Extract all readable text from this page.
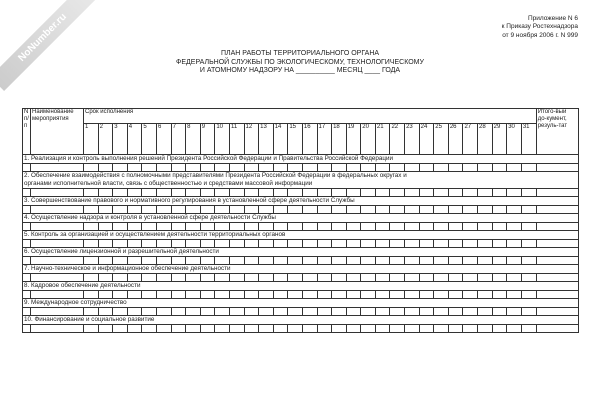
NoNumber.ru	Приложение N 6
к Приказу Ростехнадзора
от 9 ноября 2006 г. N 999
ПЛАН РАБОТЫ ТЕРРИТОРИАЛЬНОГО ОРГАНА
ФЕДЕРАЛЬНОЙ СЛУЖБЫ ПО ЭКОЛОГИЧЕСКОМУ, ТЕХНОЛОГИЧЕСКОМУ
И АТОМНОМУ НАДЗОРУ НА __________ МЕСЯЦ ____ ГОДА
N п/п	Наименование мероприятия	Срок исполнения																															Итого-вый до-кумент, резуль-тат
		1	2	3	4	5	6	7	8	9	10	11	12	13	14	15	16	17	18	19	20	21	22	23	24	25	26	27	28	29	30	31	
1. Реализация и контроль выполнения решений Президента Российской Федерации и Правительства Российской Федерации																																	

2. Обеспечение взаимодействия с полномочными представителями Президента Российской Федерации в федеральных округах и органами исполнительной власти, связь с общественностью и средствами массовой информации																																	

3. Совершенствование правового и нормативного регулирования в установленной сфере деятельности Службы																																	

4. Осуществление надзора и контроля в установленной сфере деятельности Службы																																	

5. Контроль за организацией и осуществлением деятельности территориальных органов																																	

6. Осуществление лицензионной и разрешительной деятельности																																	

7. Научно-техническое и информационное обеспечение деятельности																																	

8. Кадровое обеспечение деятельности																																	

9. Международное сотрудничество																																	

10. Финансирование и социальное развитие																																	
